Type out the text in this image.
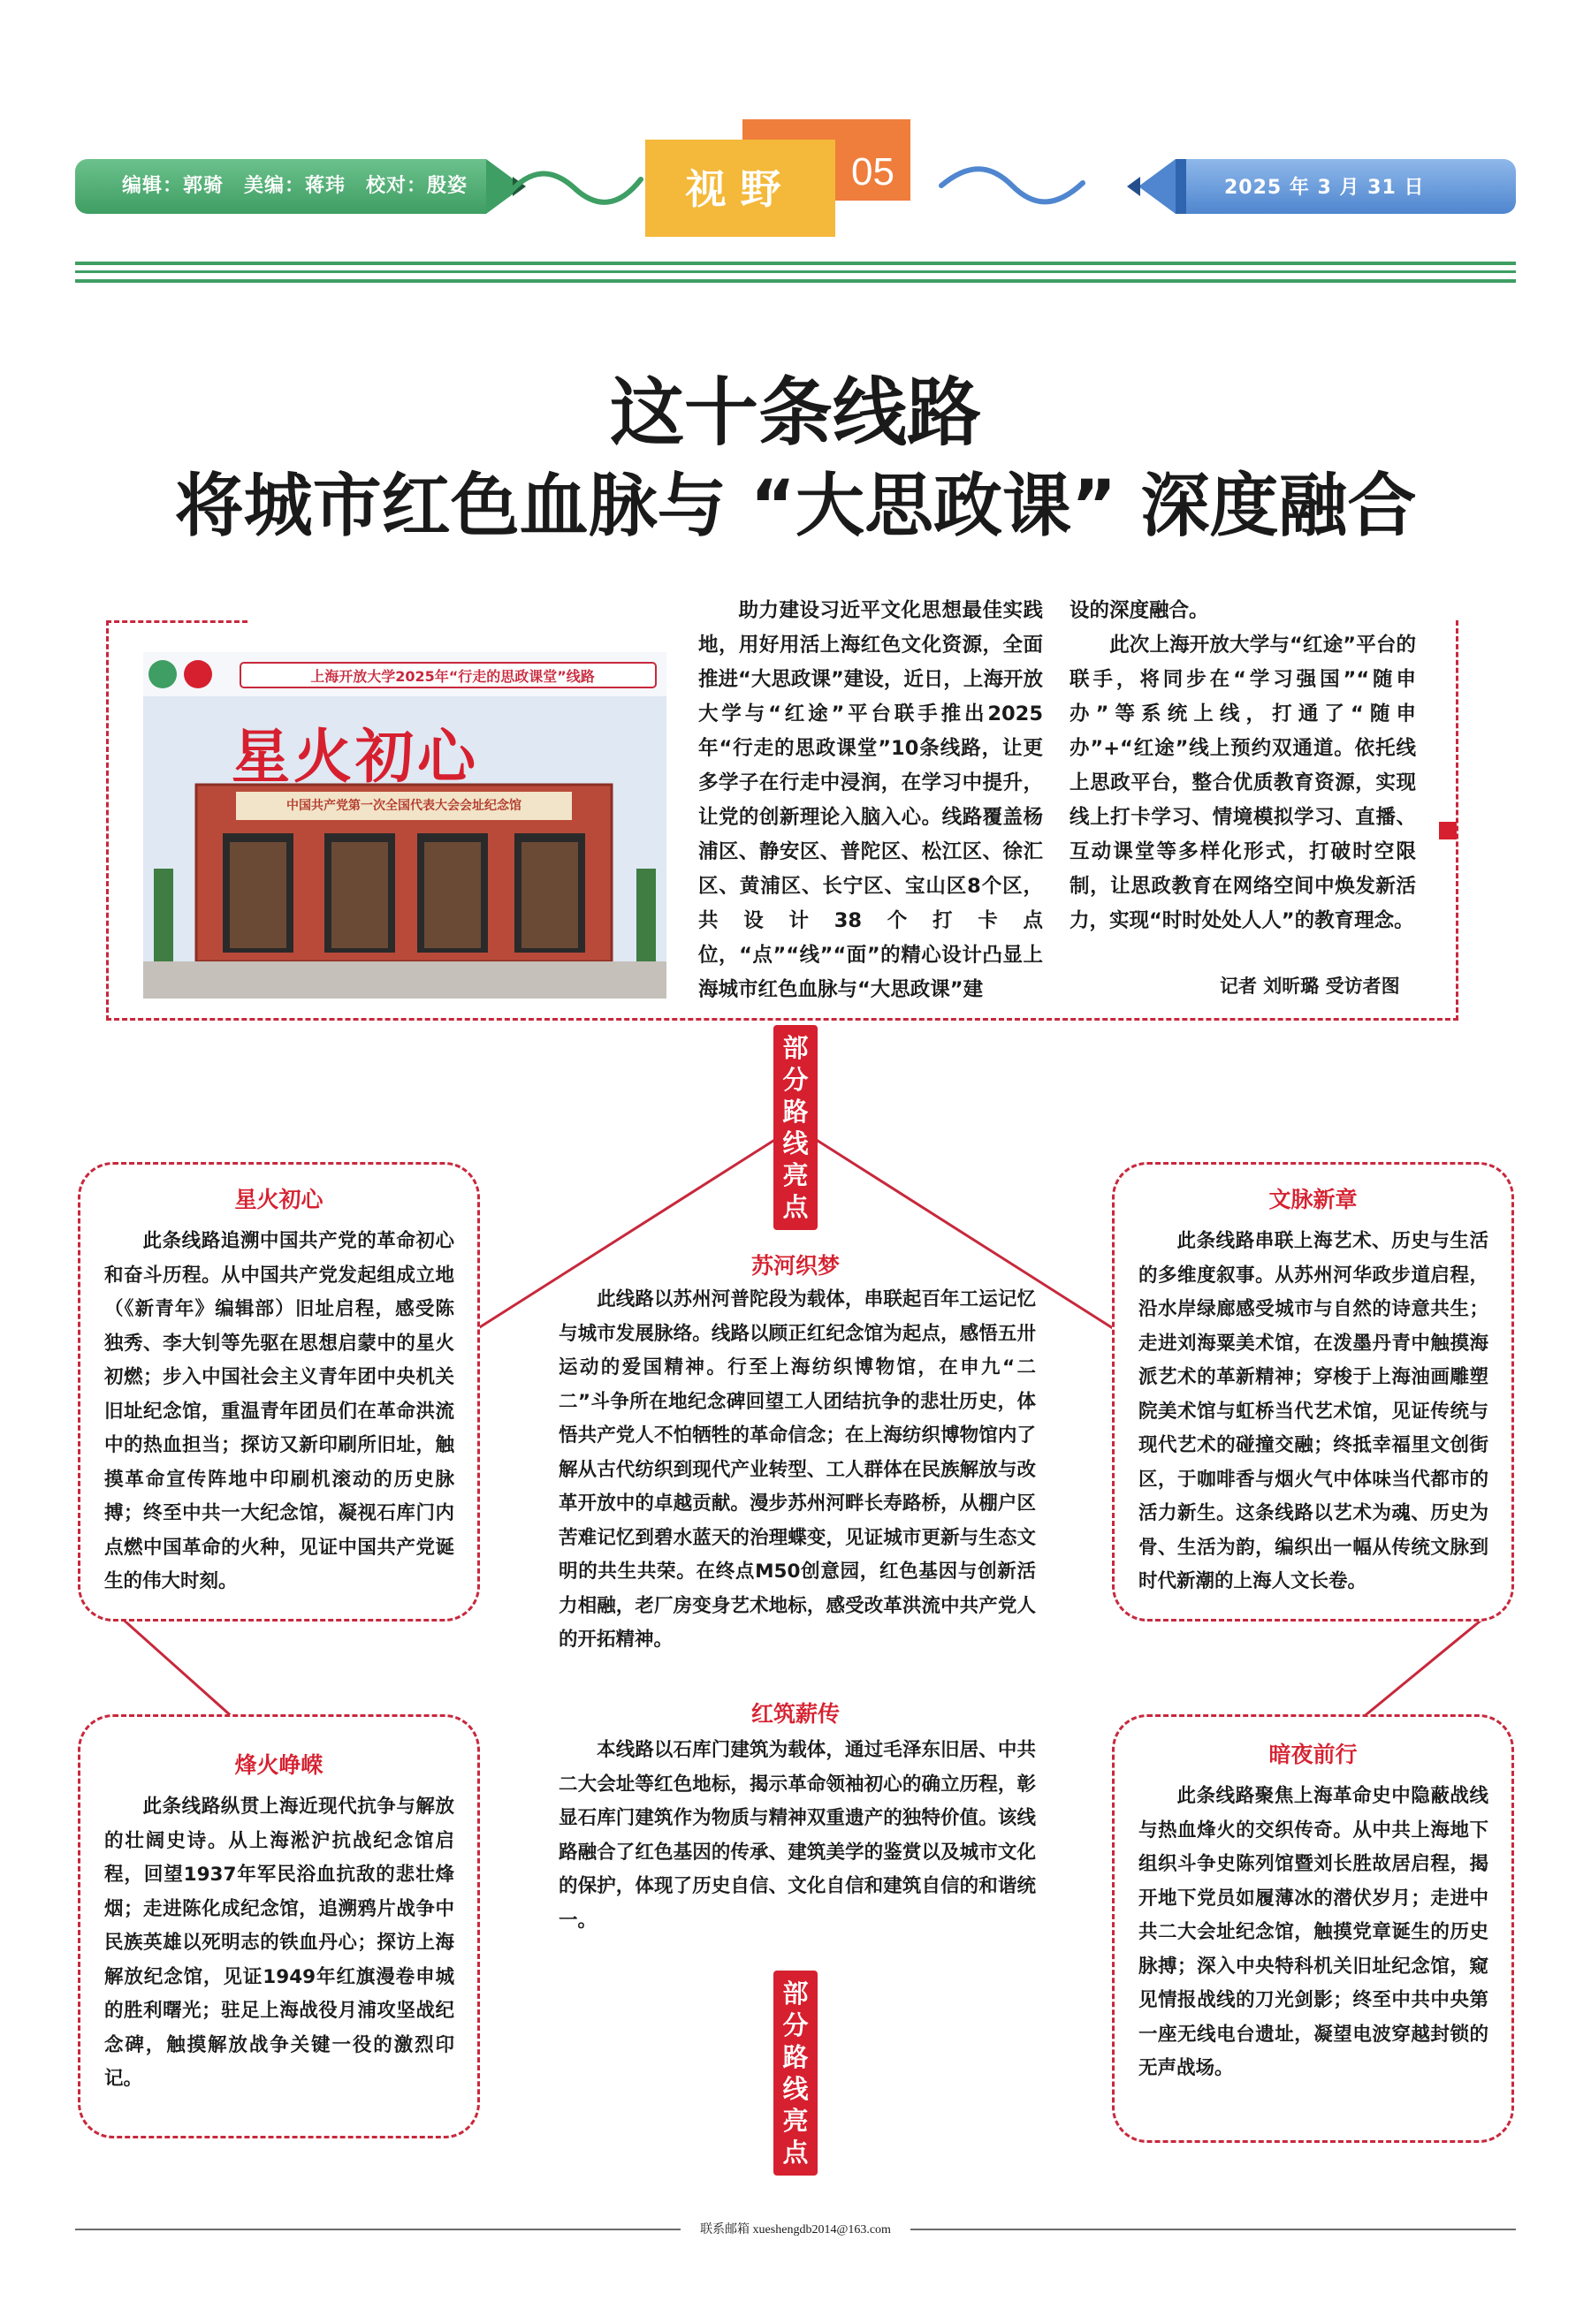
编辑：郭骑　美编：蒋玮　校对：殷姿	视野	05	2025 年 3 月 31 日
这十条线路
将城市红色血脉与 “大思政课” 深度融合
上海开放大学2025年“行走的思政课堂”线路
星火初心
中国共产党第一次全国代表大会会址纪念馆
助力建设习近平文化思想最佳实践地，用好用活上海红色文化资源，全面推进“大思政课”建设，近日，上海开放大学与“红途”平台联手推出2025年“行走的思政课堂”10条线路，让更多学子在行走中浸润，在学习中提升，让党的创新理论入脑入心。线路覆盖杨浦区、静安区、普陀区、松江区、徐汇区、黄浦区、长宁区、宝山区8个区，共设计38个打卡点位，“点”“线”“面”的精心设计凸显上海城市红色血脉与“大思政课”建
设的深度融合。
此次上海开放大学与“红途”平台的联手，将同步在“学习强国”“随申办”等系统上线，打通了“随申办”+“红途”线上预约双通道。依托线上思政平台，整合优质教育资源，实现线上打卡学习、情境模拟学习、直播、互动课堂等多样化形式，打破时空限制，让思政教育在网络空间中焕发新活力，实现“时时处处人人”的教育理念。
记者 刘昕璐 受访者图
部分路线亮点
部分路线亮点
星火初心
此条线路追溯中国共产党的革命初心和奋斗历程。从中国共产党发起组成立地（《新青年》编辑部）旧址启程，感受陈独秀、李大钊等先驱在思想启蒙中的星火初燃；步入中国社会主义青年团中央机关旧址纪念馆，重温青年团员们在革命洪流中的热血担当；探访又新印刷所旧址，触摸革命宣传阵地中印刷机滚动的历史脉搏；终至中共一大纪念馆，凝视石库门内点燃中国革命的火种，见证中国共产党诞生的伟大时刻。
苏河织梦
此线路以苏州河普陀段为载体，串联起百年工运记忆与城市发展脉络。线路以顾正红纪念馆为起点，感悟五卅运动的爱国精神。行至上海纺织博物馆，在申九“二二”斗争所在地纪念碑回望工人团结抗争的悲壮历史，体悟共产党人不怕牺牲的革命信念；在上海纺织博物馆内了解从古代纺织到现代产业转型、工人群体在民族解放与改革开放中的卓越贡献。漫步苏州河畔长寿路桥，从棚户区苦难记忆到碧水蓝天的治理蝶变，见证城市更新与生态文明的共生共荣。在终点M50创意园，红色基因与创新活力相融，老厂房变身艺术地标，感受改革洪流中共产党人的开拓精神。
文脉新章
此条线路串联上海艺术、历史与生活的多维度叙事。从苏州河华政步道启程，沿水岸绿廊感受城市与自然的诗意共生；走进刘海粟美术馆，在泼墨丹青中触摸海派艺术的革新精神；穿梭于上海油画雕塑院美术馆与虹桥当代艺术馆，见证传统与现代艺术的碰撞交融；终抵幸福里文创街区，于咖啡香与烟火气中体味当代都市的活力新生。这条线路以艺术为魂、历史为骨、生活为韵，编织出一幅从传统文脉到时代新潮的上海人文长卷。
红筑薪传
本线路以石库门建筑为载体，通过毛泽东旧居、中共二大会址等红色地标，揭示革命领袖初心的确立历程，彰显石库门建筑作为物质与精神双重遗产的独特价值。该线路融合了红色基因的传承、建筑美学的鉴赏以及城市文化的保护，体现了历史自信、文化自信和建筑自信的和谐统一。
烽火峥嵘
此条线路纵贯上海近现代抗争与解放的壮阔史诗。从上海淞沪抗战纪念馆启程，回望1937年军民浴血抗敌的悲壮烽烟；走进陈化成纪念馆，追溯鸦片战争中民族英雄以死明志的铁血丹心；探访上海解放纪念馆，见证1949年红旗漫卷申城的胜利曙光；驻足上海战役月浦攻坚战纪念碑，触摸解放战争关键一役的激烈印记。
暗夜前行
此条线路聚焦上海革命史中隐蔽战线与热血烽火的交织传奇。从中共上海地下组织斗争史陈列馆暨刘长胜故居启程，揭开地下党员如履薄冰的潜伏岁月；走进中共二大会址纪念馆，触摸党章诞生的历史脉搏；深入中央特科机关旧址纪念馆，窥见情报战线的刀光剑影；终至中共中央第一座无线电台遗址，凝望电波穿越封锁的无声战场。
联系邮箱 xueshengdb2014@163.com
